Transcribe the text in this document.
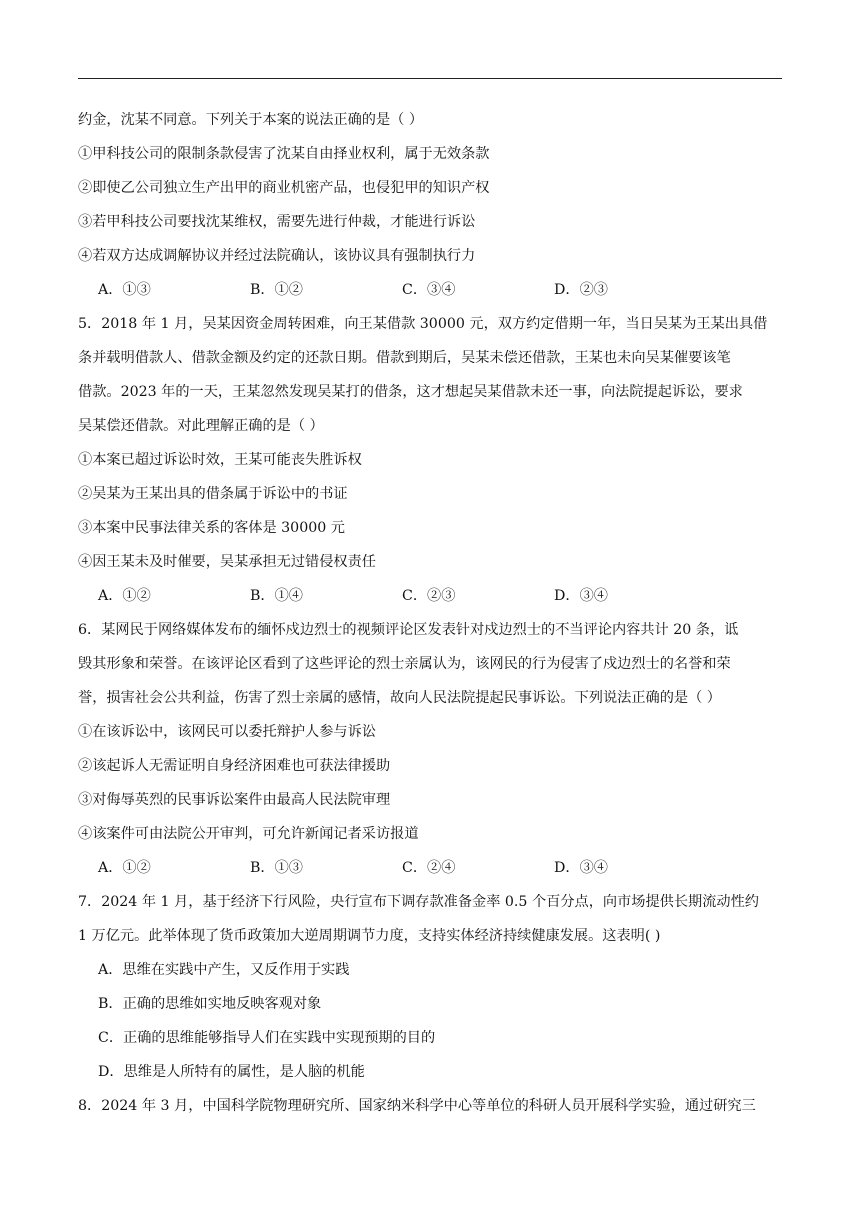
约金，沈某不同意。下列关于本案的说法正确的是（ ）
①甲科技公司的限制条款侵害了沈某自由择业权利，属于无效条款
②即使乙公司独立生产出甲的商业机密产品，也侵犯甲的知识产权
③若甲科技公司要找沈某维权，需要先进行仲裁，才能进行诉讼
④若双方达成调解协议并经过法院确认，该协议具有强制执行力
A．①③	B．①②	C．③④	D．②③
5．2018 年 1 月，吴某因资金周转困难，向王某借款 30000 元，双方约定借期一年，当日吴某为王某出具借
条并载明借款人、借款金额及约定的还款日期。借款到期后，吴某未偿还借款，王某也未向吴某催要该笔
借款。2023 年的一天，王某忽然发现吴某打的借条，这才想起吴某借款未还一事，向法院提起诉讼，要求
吴某偿还借款。对此理解正确的是（ ）
①本案已超过诉讼时效，王某可能丧失胜诉权
②吴某为王某出具的借条属于诉讼中的书证
③本案中民事法律关系的客体是 30000 元
④因王某未及时催要，吴某承担无过错侵权责任
A．①②	B．①④	C．②③	D．③④
6．某网民于网络媒体发布的缅怀戍边烈士的视频评论区发表针对戍边烈士的不当评论内容共计 20 条，诋
毁其形象和荣誉。在该评论区看到了这些评论的烈士亲属认为，该网民的行为侵害了戍边烈士的名誉和荣
誉，损害社会公共利益，伤害了烈士亲属的感情，故向人民法院提起民事诉讼。下列说法正确的是（ ）
①在该诉讼中，该网民可以委托辩护人参与诉讼
②该起诉人无需证明自身经济困难也可获法律援助
③对侮辱英烈的民事诉讼案件由最高人民法院审理
④该案件可由法院公开审判，可允许新闻记者采访报道
A．①②	B．①③	C．②④	D．③④
7．2024 年 1 月，基于经济下行风险，央行宣布下调存款准备金率 0.5 个百分点，向市场提供长期流动性约
1 万亿元。此举体现了货币政策加大逆周期调节力度，支持实体经济持续健康发展。这表明( )
A．思维在实践中产生，又反作用于实践
B．正确的思维如实地反映客观对象
C．正确的思维能够指导人们在实践中实现预期的目的
D．思维是人所特有的属性，是人脑的机能
8．2024 年 3 月，中国科学院物理研究所、国家纳米科学中心等单位的科研人员开展科学实验，通过研究三
